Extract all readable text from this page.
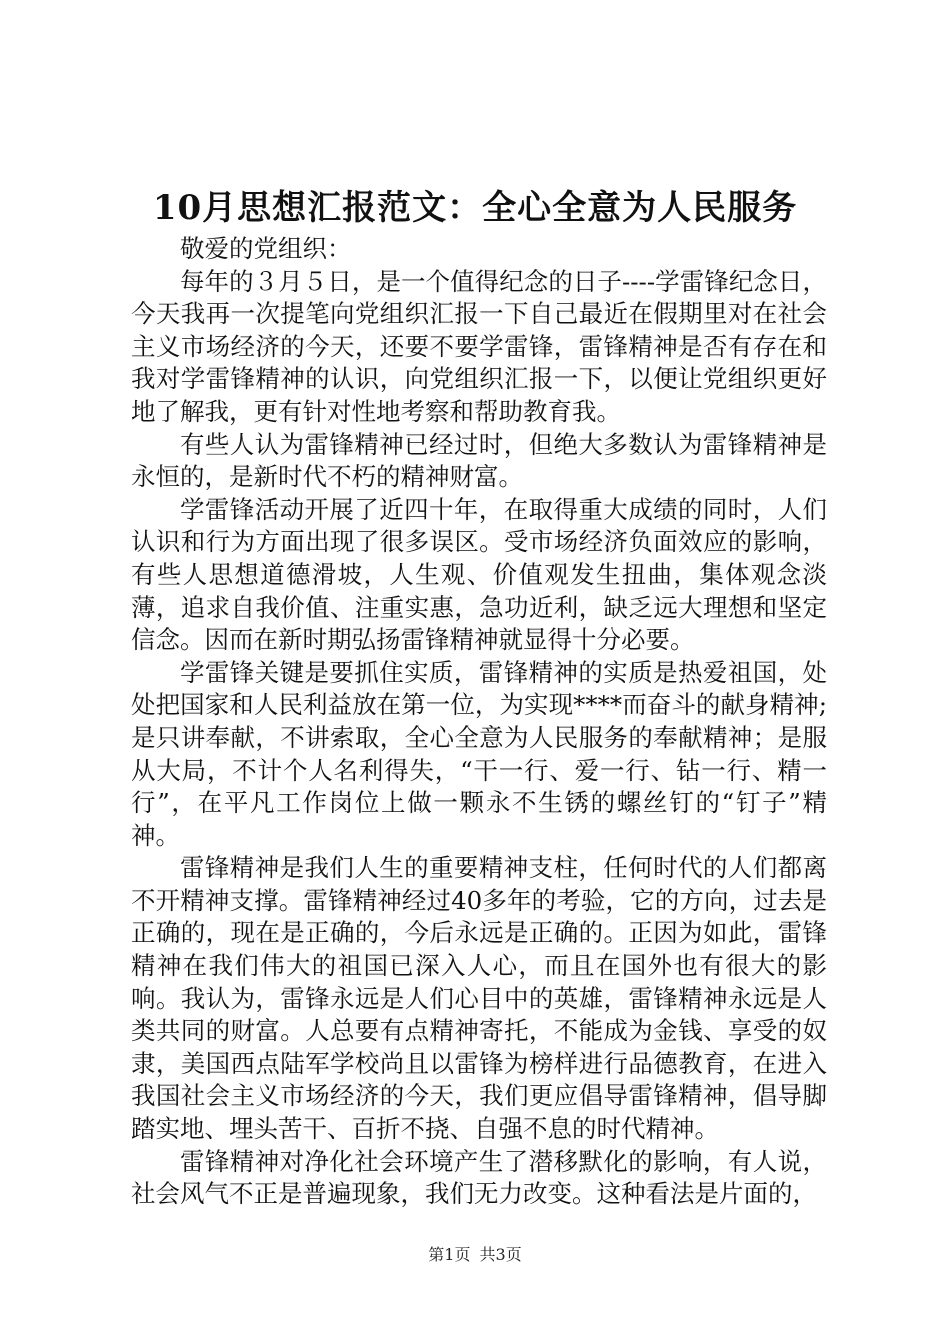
10月思想汇报范文：全心全意为人民服务

敬爱的党组织：

每年的３月５日，是一个值得纪念的日子----学雷锋纪念日，今天我再一次提笔向党组织汇报一下自己最近在假期里对在社会主义市场经济的今天，还要不要学雷锋，雷锋精神是否有存在和我对学雷锋精神的认识，向党组织汇报一下，以便让党组织更好地了解我，更有针对性地考察和帮助教育我。

有些人认为雷锋精神已经过时，但绝大多数认为雷锋精神是永恒的，是新时代不朽的精神财富。

学雷锋活动开展了近四十年，在取得重大成绩的同时，人们认识和行为方面出现了很多误区。受市场经济负面效应的影响，有些人思想道德滑坡，人生观、价值观发生扭曲，集体观念淡薄，追求自我价值、注重实惠，急功近利，缺乏远大理想和坚定信念。因而在新时期弘扬雷锋精神就显得十分必要。

学雷锋关键是要抓住实质，雷锋精神的实质是热爱祖国，处处把国家和人民利益放在第一位，为实现****而奋斗的献身精神;是只讲奉献，不讲索取，全心全意为人民服务的奉献精神；是服从大局，不计个人名利得失，“干一行、爱一行、钻一行、精一行”，在平凡工作岗位上做一颗永不生锈的螺丝钉的“钉子”精神。

雷锋精神是我们人生的重要精神支柱，任何时代的人们都离不开精神支撑。雷锋精神经过40多年的考验，它的方向，过去是正确的，现在是正确的，今后永远是正确的。正因为如此，雷锋精神在我们伟大的祖国已深入人心，而且在国外也有很大的影响。我认为，雷锋永远是人们心目中的英雄，雷锋精神永远是人类共同的财富。人总要有点精神寄托，不能成为金钱、享受的奴隶，美国西点陆军学校尚且以雷锋为榜样进行品德教育，在进入我国社会主义市场经济的今天，我们更应倡导雷锋精神，倡导脚踏实地、埋头苦干、百折不挠、自强不息的时代精神。

雷锋精神对净化社会环境产生了潜移默化的影响，有人说，社会风气不正是普遍现象，我们无力改变。这种看法是片面的，

第1页 共3页
